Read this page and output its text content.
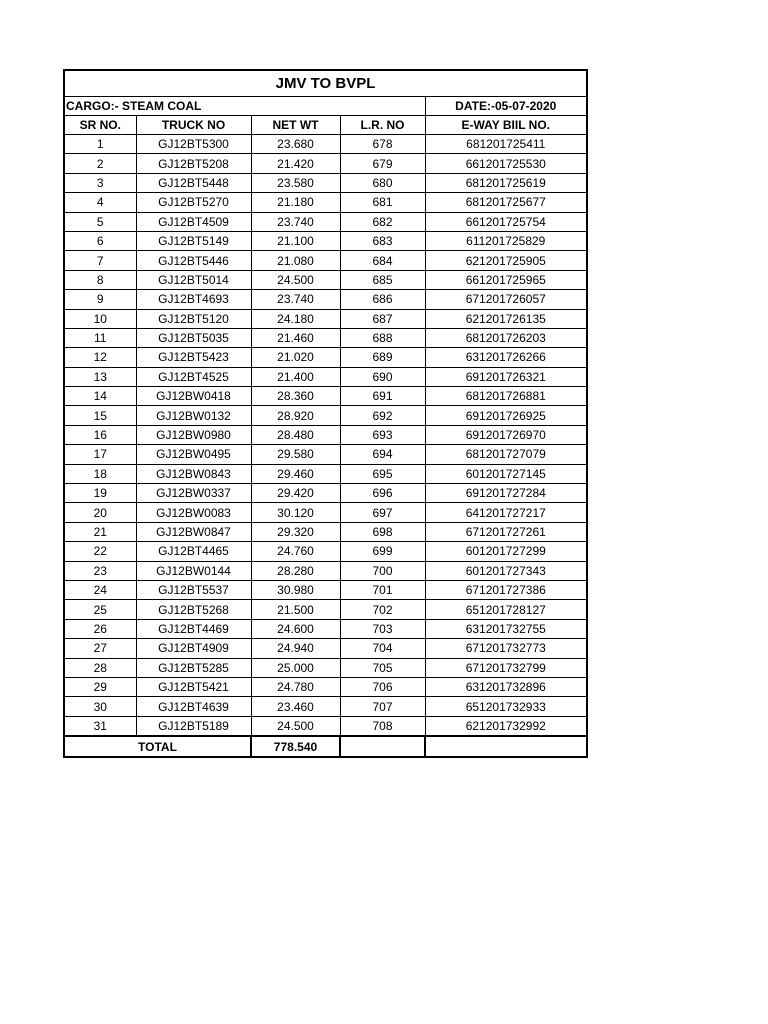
JMV TO BVPL				
CARGO:- STEAM COAL				DATE:-05-07-2020
SR NO.	TRUCK NO	NET WT	L.R. NO	E-WAY BIIL NO.
1	GJ12BT5300	23.680	678	681201725411
2	GJ12BT5208	21.420	679	661201725530
3	GJ12BT5448	23.580	680	681201725619
4	GJ12BT5270	21.180	681	681201725677
5	GJ12BT4509	23.740	682	661201725754
6	GJ12BT5149	21.100	683	611201725829
7	GJ12BT5446	21.080	684	621201725905
8	GJ12BT5014	24.500	685	661201725965
9	GJ12BT4693	23.740	686	671201726057
10	GJ12BT5120	24.180	687	621201726135
11	GJ12BT5035	21.460	688	681201726203
12	GJ12BT5423	21.020	689	631201726266
13	GJ12BT4525	21.400	690	691201726321
14	GJ12BW0418	28.360	691	681201726881
15	GJ12BW0132	28.920	692	691201726925
16	GJ12BW0980	28.480	693	691201726970
17	GJ12BW0495	29.580	694	681201727079
18	GJ12BW0843	29.460	695	601201727145
19	GJ12BW0337	29.420	696	691201727284
20	GJ12BW0083	30.120	697	641201727217
21	GJ12BW0847	29.320	698	671201727261
22	GJ12BT4465	24.760	699	601201727299
23	GJ12BW0144	28.280	700	601201727343
24	GJ12BT5537	30.980	701	671201727386
25	GJ12BT5268	21.500	702	651201728127
26	GJ12BT4469	24.600	703	631201732755
27	GJ12BT4909	24.940	704	671201732773
28	GJ12BT5285	25.000	705	671201732799
29	GJ12BT5421	24.780	706	631201732896
30	GJ12BT4639	23.460	707	651201732933
31	GJ12BT5189	24.500	708	621201732992
TOTAL		778.540		
